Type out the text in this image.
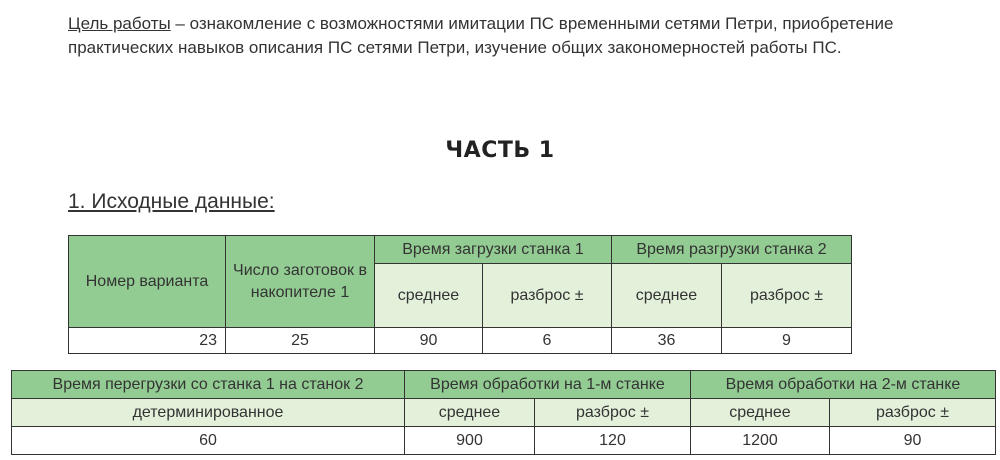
Цель работы – ознакомление с возможностями имитации ПС временными сетями Петри, приобретение практических навыков описания ПС сетями Петри, изучение общих закономерностей работы ПС.
ЧАСТЬ 1
1. Исходные данные:
Номер варианта	Число заготовок в накопителе 1	Время загрузки станка 1		Время разгрузки станка 2	
		среднее	разброс ±	среднее	разброс ±
23	25	90	6	36	9
Время перегрузки со станка 1 на станок 2	Время обработки на 1-м станке		Время обработки на 2-м станке	
детерминированное	среднее	разброс ±	среднее	разброс ±
60	900	120	1200	90
